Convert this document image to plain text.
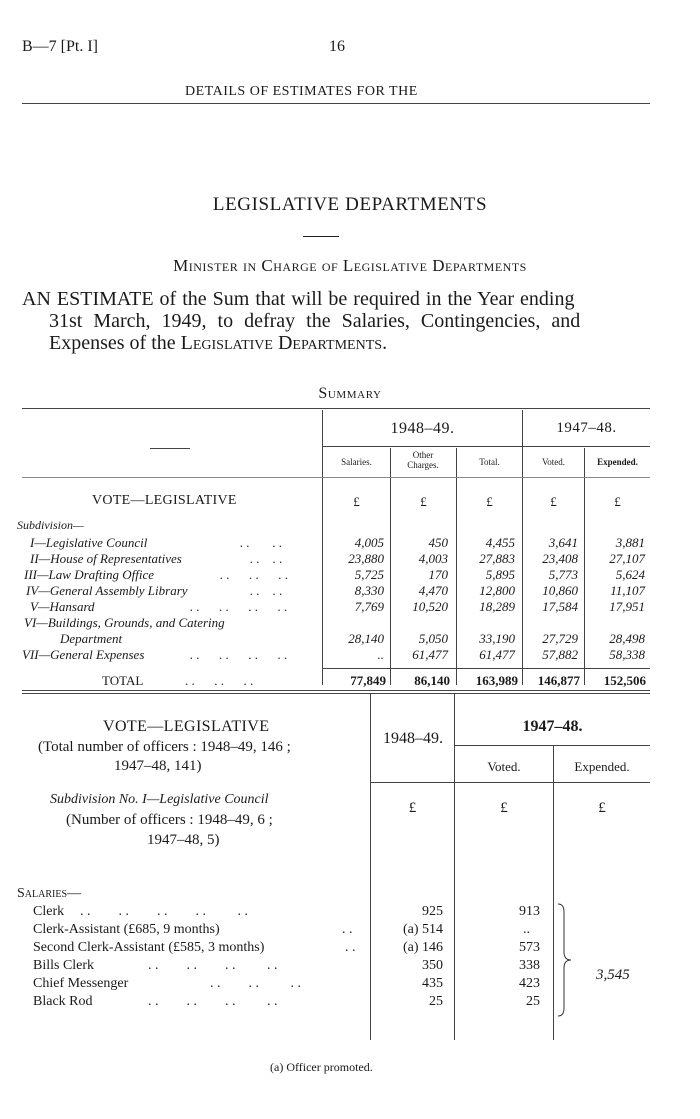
B—7 [Pt. I]	16
DETAILS OF ESTIMATES FOR THE
LEGISLATIVE DEPARTMENTS
Minister in Charge of Legislative Departments
AN ESTIMATE of the Sum that will be required in the Year ending
31st March, 1949, to defray the Salaries, Contingencies, and
Expenses of the Legislative Departments.
Summary
1948–49.	1947–48.
Salaries.
Other Charges.	Total.	Voted.	Expended.
VOTE—LEGISLATIVE	£	£	£	£	£
Subdivision—
I—Legislative Council	. .       . .	4,005	450	4,455	3,641	3,881
II—House of Representatives	. .    . .	23,880	4,003	27,883	23,408	27,107
III—Law Drafting Office	. .      . .      . .	5,725	170	5,895	5,773	5,624
IV—General Assembly Library	. .    . .	8,330	4,470	12,800	10,860	11,107
V—Hansard	. .      . .      . .      . .	7,769	10,520	18,289	17,584	17,951
VI—Buildings, Grounds, and Catering
Department	28,140	5,050	33,190	27,729	28,498
VII—General Expenses	. .      . .      . .      . .	..	61,477	61,477	57,882	58,338
TOTAL	. .      . .      . .	77,849	86,140	163,989	146,877	152,506
VOTE—LEGISLATIVE
(Total number of officers : 1948–49, 146 ;
1947–48, 141)
1948–49.
1947–48.
Voted.	Expended.
Subdivision No. I—Legislative Council
(Number of officers : 1948–49, 6 ;
1947–48, 5)
£	£	£
Salaries—
Clerk . .        . .        . .        . .         . .	925	913
Clerk-Assistant (£685, 9 months)	. .	(a) 514	..
Second Clerk-Assistant (£585, 3 months)	. .	(a) 146	573
Bills Clerk	. .        . .        . .         . .	350	338
Chief Messenger	. .        . .         . .	435	423
Black Rod	. .        . .        . .         . .	25	25
3,545
(a) Officer promoted.
